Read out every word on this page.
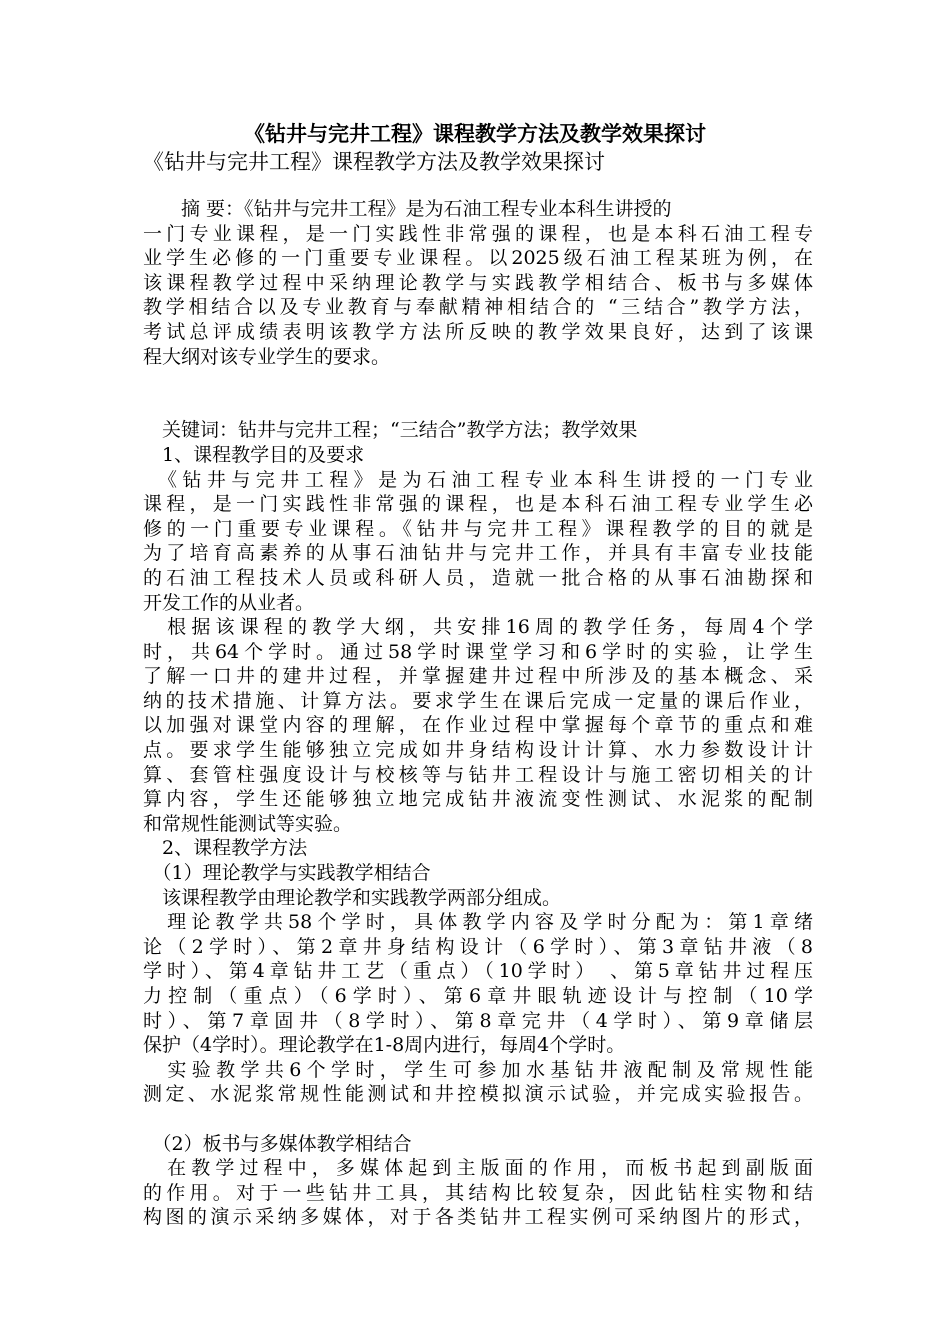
《钻井与完井工程》课程教学方法及教学效果探讨
《钻井与完井工程》课程教学方法及教学效果探讨
　　摘 要：《钻井与完井工程》是为石油工程专业本科生讲授的
一门专业课程，是一门实践性非常强的课程，也是本科石油工程专
业学生必修的一门重要专业课程。以2025级石油工程某班为例，在
该课程教学过程中采纳理论教学与实践教学相结合、板书与多媒体
教学相结合以及专业教育与奉献精神相结合的 “三结合”教学方法，
考试总评成绩表明该教学方法所反映的教学效果良好，达到了该课
程大纲对该专业学生的要求。
　关键词：钻井与完井工程；“三结合”教学方法；教学效果
　1、课程教学目的及要求
　《钻井与完井工程》是为石油工程专业本科生讲授的一门专业
课程，是一门实践性非常强的课程，也是本科石油工程专业学生必
修的一门重要专业课程。《钻井与完井工程》课程教学的目的就是
为了培育高素养的从事石油钻井与完井工作，并具有丰富专业技能
的石油工程技术人员或科研人员，造就一批合格的从事石油勘探和
开发工作的从业者。
　根据该课程的教学大纲，共安排16周的教学任务，每周4个学
时，共64个学时。通过58学时课堂学习和6学时的实验，让学生
了解一口井的建井过程，并掌握建井过程中所涉及的基本概念、采
纳的技术措施、计算方法。要求学生在课后完成一定量的课后作业，
以加强对课堂内容的理解，在作业过程中掌握每个章节的重点和难
点。要求学生能够独立完成如井身结构设计计算、水力参数设计计
算、套管柱强度设计与校核等与钻井工程设计与施工密切相关的计
算内容，学生还能够独立地完成钻井液流变性测试、水泥浆的配制
和常规性能测试等实验。
　2、课程教学方法
　（1）理论教学与实践教学相结合
　该课程教学由理论教学和实践教学两部分组成。
　理论教学共58个学时，具体教学内容及学时分配为：第1章绪
论（2学时）、第2章井身结构设计（6学时）、第3章钻井液（8
学时）、第4章钻井工艺（重点）（10学时） 、第5章钻井过程压
力控制（重点）（6学时）、第6章井眼轨迹设计与控制（10学
时）、第7章固井（8学时）、第8章完井（4学时）、第9章储层
保护（4学时）。理论教学在1-8周内进行，每周4个学时。
　实验教学共6个学时，学生可参加水基钻井液配制及常规性能
测定、水泥浆常规性能测试和井控模拟演示试验，并完成实验报告。
　（2）板书与多媒体教学相结合
　在教学过程中，多媒体起到主版面的作用，而板书起到副版面
的作用。对于一些钻井工具，其结构比较复杂，因此钻柱实物和结
构图的演示采纳多媒体，对于各类钻井工程实例可采纳图片的形式，
